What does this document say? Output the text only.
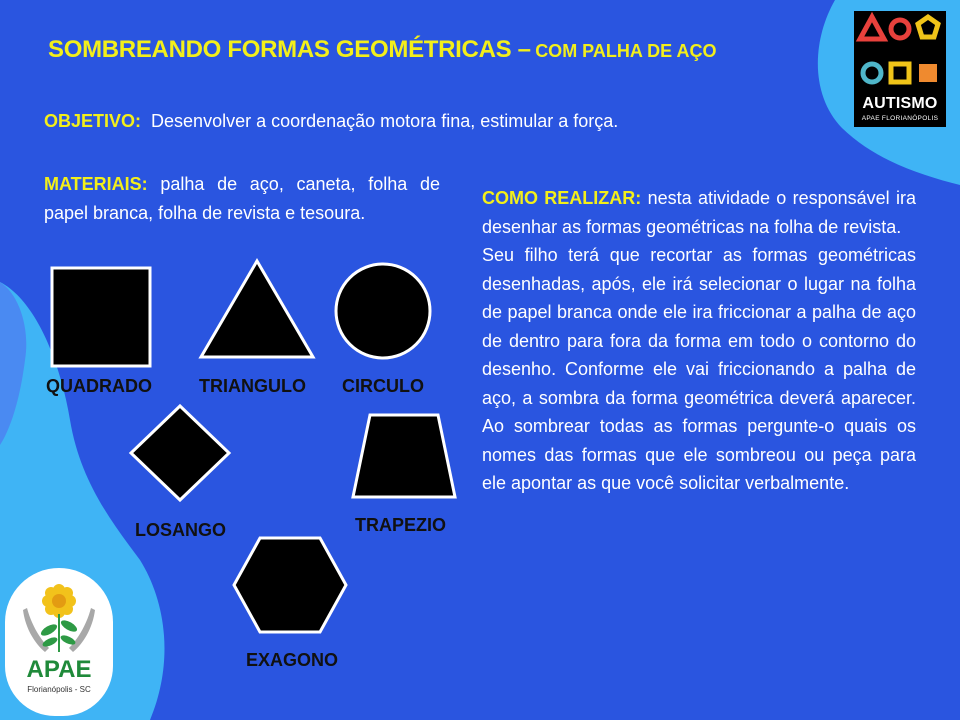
SOMBREANDO FORMAS GEOMÉTRICAS – COM PALHA DE AÇO
OBJETIVO: Desenvolver a coordenação motora fina, estimular a força.
MATERIAIS: palha de aço, caneta, folha de papel branca, folha de revista e tesoura.

COMO REALIZAR: nesta atividade o responsável ira desenhar as formas geométricas na folha de revista.

Seu filho terá que recortar as formas geométricas desenhadas, após, ele irá selecionar o lugar na folha de papel branca onde ele ira friccionar a palha de aço de dentro para fora da forma em todo o contorno do desenho. Conforme ele vai friccionando a palha de aço, a sombra da forma geométrica deverá aparecer. Ao sombrear todas as formas pergunte-o quais os nomes das formas que ele sombreou ou peça para ele apontar as que você solicitar verbalmente.

QUADRADO	TRIANGULO CIRCULO
LOSANGO	TRAPEZIO
EXAGONO
AUTISMO
APAE FLORIANÓPOLIS
APAE
Florianópolis - SC
